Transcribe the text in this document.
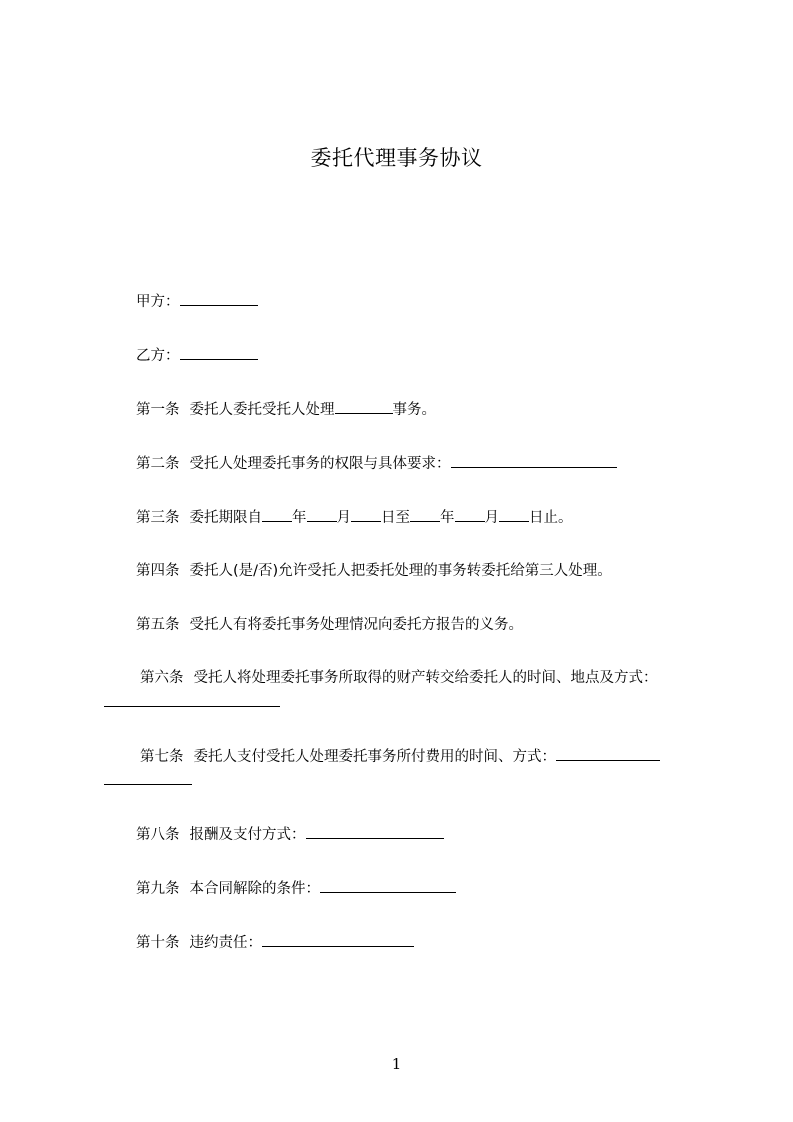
委托代理事务协议
甲方：
乙方：
第一条 委托人委托受托人处理	事务。
第二条 受托人处理委托事务的权限与具体要求：
第三条 委托期限自 年 月 日至 年 月 日止。
第四条 委托人(是/否)允许受托人把委托处理的事务转委托给第三人处理。
第五条 受托人有将委托事务处理情况向委托方报告的义务。
第六条 受托人将处理委托事务所取得的财产转交给委托人的时间、地点及方式：
第七条 委托人支付受托人处理委托事务所付费用的时间、方式：
第八条 报酬及支付方式：
第九条 本合同解除的条件：
第十条 违约责任：
1
